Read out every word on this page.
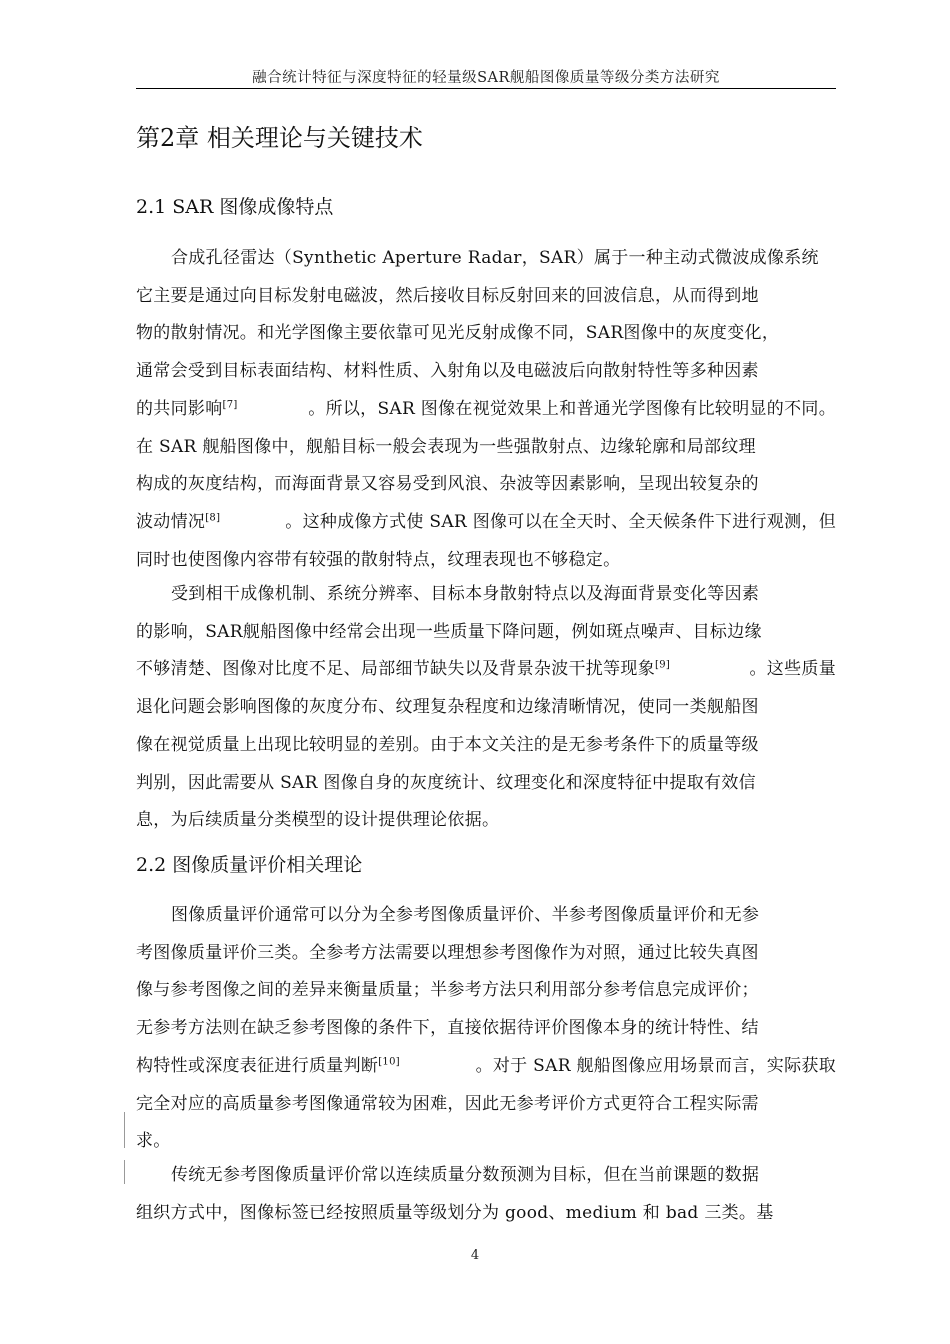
融合统计特征与深度特征的轻量级SAR舰船图像质量等级分类方法研究
第2章 相关理论与关键技术
2.1 SAR 图像成像特点
合成孔径雷达（Synthetic Aperture Radar，SAR）属于一种主动式微波成像系统
它主要是通过向目标发射电磁波，然后接收目标反射回来的回波信息，从而得到地
物的散射情况。和光学图像主要依靠可见光反射成像不同，SAR图像中的灰度变化，
通常会受到目标表面结构、材料性质、入射角以及电磁波后向散射特性等多种因素
的共同影响[7]	。所以，SAR 图像在视觉效果上和普通光学图像有比较明显的不同。
在 SAR 舰船图像中，舰船目标一般会表现为一些强散射点、边缘轮廓和局部纹理
构成的灰度结构，而海面背景又容易受到风浪、杂波等因素影响，呈现出较复杂的
波动情况[8]	。这种成像方式使 SAR 图像可以在全天时、全天候条件下进行观测，但
同时也使图像内容带有较强的散射特点，纹理表现也不够稳定。
受到相干成像机制、系统分辨率、目标本身散射特点以及海面背景变化等因素
的影响，SAR舰船图像中经常会出现一些质量下降问题，例如斑点噪声、目标边缘
不够清楚、图像对比度不足、局部细节缺失以及背景杂波干扰等现象[9]	。这些质量
退化问题会影响图像的灰度分布、纹理复杂程度和边缘清晰情况，使同一类舰船图
像在视觉质量上出现比较明显的差别。由于本文关注的是无参考条件下的质量等级
判别，因此需要从 SAR 图像自身的灰度统计、纹理变化和深度特征中提取有效信
息，为后续质量分类模型的设计提供理论依据。
图像质量评价通常可以分为全参考图像质量评价、半参考图像质量评价和无参
考图像质量评价三类。全参考方法需要以理想参考图像作为对照，通过比较失真图
像与参考图像之间的差异来衡量质量；半参考方法只利用部分参考信息完成评价；
无参考方法则在缺乏参考图像的条件下，直接依据待评价图像本身的统计特性、结
构特性或深度表征进行质量判断[10]	。对于 SAR 舰船图像应用场景而言，实际获取
完全对应的高质量参考图像通常较为困难，因此无参考评价方式更符合工程实际需
求。
传统无参考图像质量评价常以连续质量分数预测为目标，但在当前课题的数据
组织方式中，图像标签已经按照质量等级划分为 good、medium 和 bad 三类。基
2.2 图像质量评价相关理论
4
